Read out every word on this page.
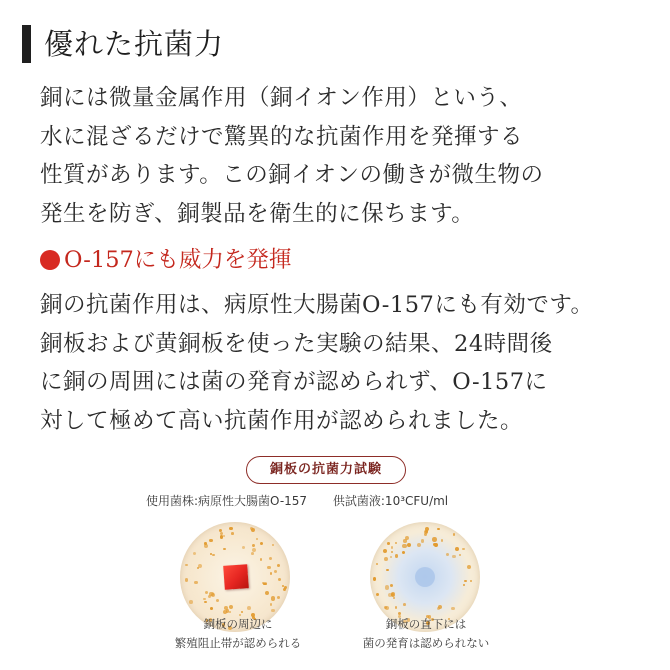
優れた抗菌力

銅には微量金属作用（銅イオン作用）という、
水に混ざるだけで驚異的な抗菌作用を発揮する
性質があります。この銅イオンの働きが微生物の
発生を防ぎ、銅製品を衛生的に保ちます。

O-157にも威力を発揮

銅の抗菌作用は、病原性大腸菌O-157にも有効です。
銅板および黄銅板を使った実験の結果、24時間後
に銅の周囲には菌の発育が認められず、O-157に
対して極めて高い抗菌作用が認められました。

銅板の抗菌力試験
使用菌株:病原性大腸菌O-157 供試菌液:10³CFU/ml
銅板の周辺に
繁殖阻止帯が認められる
銅板の直下には
菌の発育は認められない
